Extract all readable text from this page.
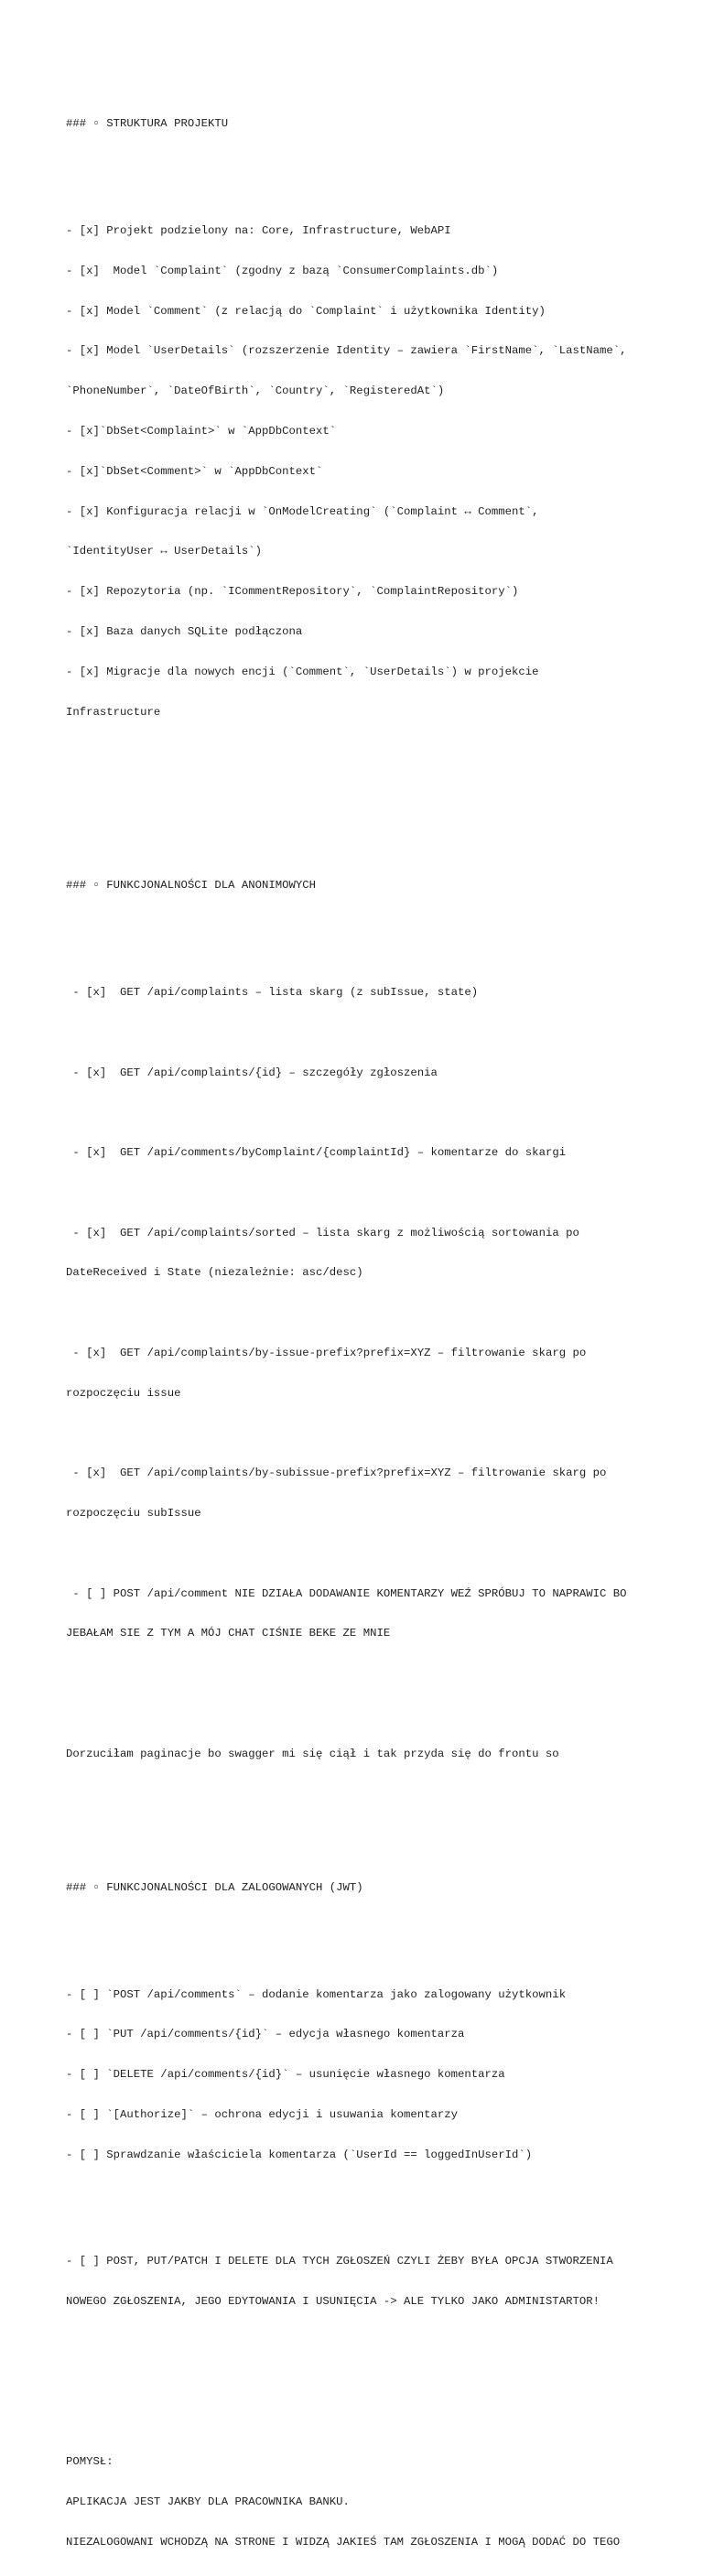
### ▫ STRUKTURA PROJEKTU

- [x] Projekt podzielony na: Core, Infrastructure, WebAPI

- [x]  Model `Complaint` (zgodny z bazą `ConsumerComplaints.db`)

- [x] Model `Comment` (z relacją do `Complaint` i użytkownika Identity)

- [x] Model `UserDetails` (rozszerzenie Identity – zawiera `FirstName`, `LastName`,

`PhoneNumber`, `DateOfBirth`, `Country`, `RegisteredAt`)

- [x]`DbSet<Complaint>` w `AppDbContext`

- [x]`DbSet<Comment>` w `AppDbContext`

- [x] Konfiguracja relacji w `OnModelCreating` (`Complaint ↔ Comment`,

`IdentityUser ↔ UserDetails`)

- [x] Repozytoria (np. `ICommentRepository`, `ComplaintRepository`)

- [x] Baza danych SQLite podłączona

- [x] Migracje dla nowych encji (`Comment`, `UserDetails`) w projekcie

Infrastructure

### ▫ FUNKCJONALNOŚCI DLA ANONIMOWYCH

- [x]  GET /api/complaints – lista skarg (z subIssue, state)

- [x]  GET /api/complaints/{id} – szczegóły zgłoszenia

- [x]  GET /api/comments/byComplaint/{complaintId} – komentarze do skargi

- [x]  GET /api/complaints/sorted – lista skarg z możliwością sortowania po

DateReceived i State (niezależnie: asc/desc)

- [x]  GET /api/complaints/by-issue-prefix?prefix=XYZ – filtrowanie skarg po

rozpoczęciu issue

- [x]  GET /api/complaints/by-subissue-prefix?prefix=XYZ – filtrowanie skarg po

rozpoczęciu subIssue

- [ ] POST /api/comment NIE DZIAŁA DODAWANIE KOMENTARZY WEŹ SPRÓBUJ TO NAPRAWIC BO

JEBAŁAM SIE Z TYM A MÓJ CHAT CIŚNIE BEKE ZE MNIE

Dorzuciłam paginacje bo swagger mi się ciął i tak przyda się do frontu so

### ▫ FUNKCJONALNOŚCI DLA ZALOGOWANYCH (JWT)

- [ ] `POST /api/comments` – dodanie komentarza jako zalogowany użytkownik

- [ ] `PUT /api/comments/{id}` – edycja własnego komentarza

- [ ] `DELETE /api/comments/{id}` – usunięcie własnego komentarza

- [ ] `[Authorize]` – ochrona edycji i usuwania komentarzy

- [ ] Sprawdzanie właściciela komentarza (`UserId == loggedInUserId`)

- [ ] POST, PUT/PATCH I DELETE DLA TYCH ZGŁOSZEŃ CZYLI ŻEBY BYŁA OPCJA STWORZENIA

NOWEGO ZGŁOSZENIA, JEGO EDYTOWANIA I USUNIĘCIA -> ALE TYLKO JAKO ADMINISTARTOR!

POMYSŁ:

APLIKACJA JEST JAKBY DLA PRACOWNIKA BANKU.

NIEZALOGOWANI WCHODZĄ NA STRONE I WIDZĄ JAKIEŚ TAM ZGŁOSZENIA I MOGĄ DODAĆ DO TEGO
